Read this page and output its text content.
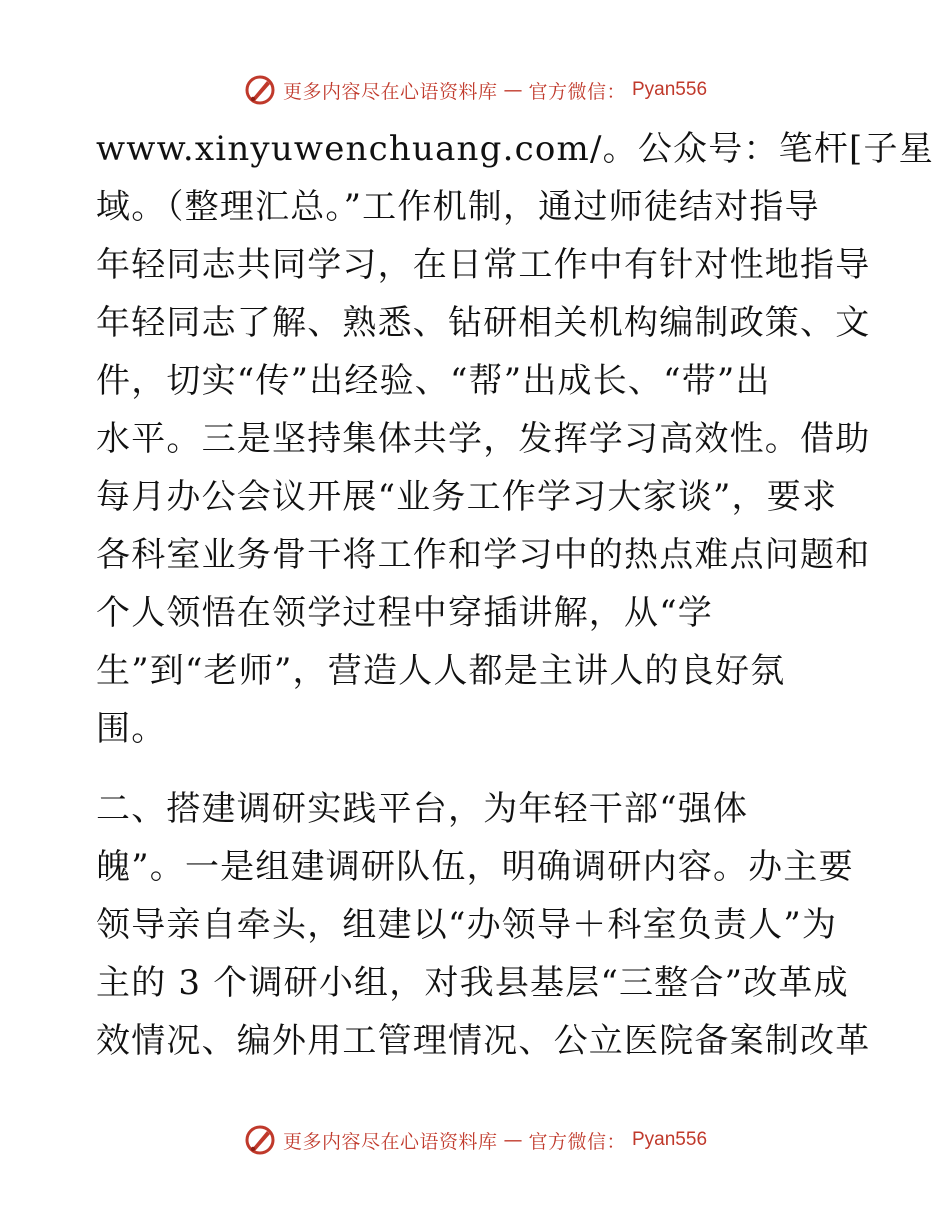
更多内容尽在心语资料库 — 官方微信： Pyan556
www.xinyuwenchuang.com/。公众号：笔杆[子星
域。（整理汇总。”工作机制，通过师徒结对指导
年轻同志共同学习，在日常工作中有针对性地指导
年轻同志了解、熟悉、钻研相关机构编制政策、文
件，切实“传”出经验、“帮”出成长、“带”出
水平。三是坚持集体共学，发挥学习高效性。借助
每月办公会议开展“业务工作学习大家谈”，要求
各科室业务骨干将工作和学习中的热点难点问题和
个人领悟在领学过程中穿插讲解，从“学
生”到“老师”，营造人人都是主讲人的良好氛
围。
二、搭建调研实践平台，为年轻干部“强体
魄”。一是组建调研队伍，明确调研内容。办主要
领导亲自牵头，组建以“办领导＋科室负责人”为
主的 3 个调研小组，对我县基层“三整合”改革成
效情况、编外用工管理情况、公立医院备案制改革
更多内容尽在心语资料库 — 官方微信： Pyan556
